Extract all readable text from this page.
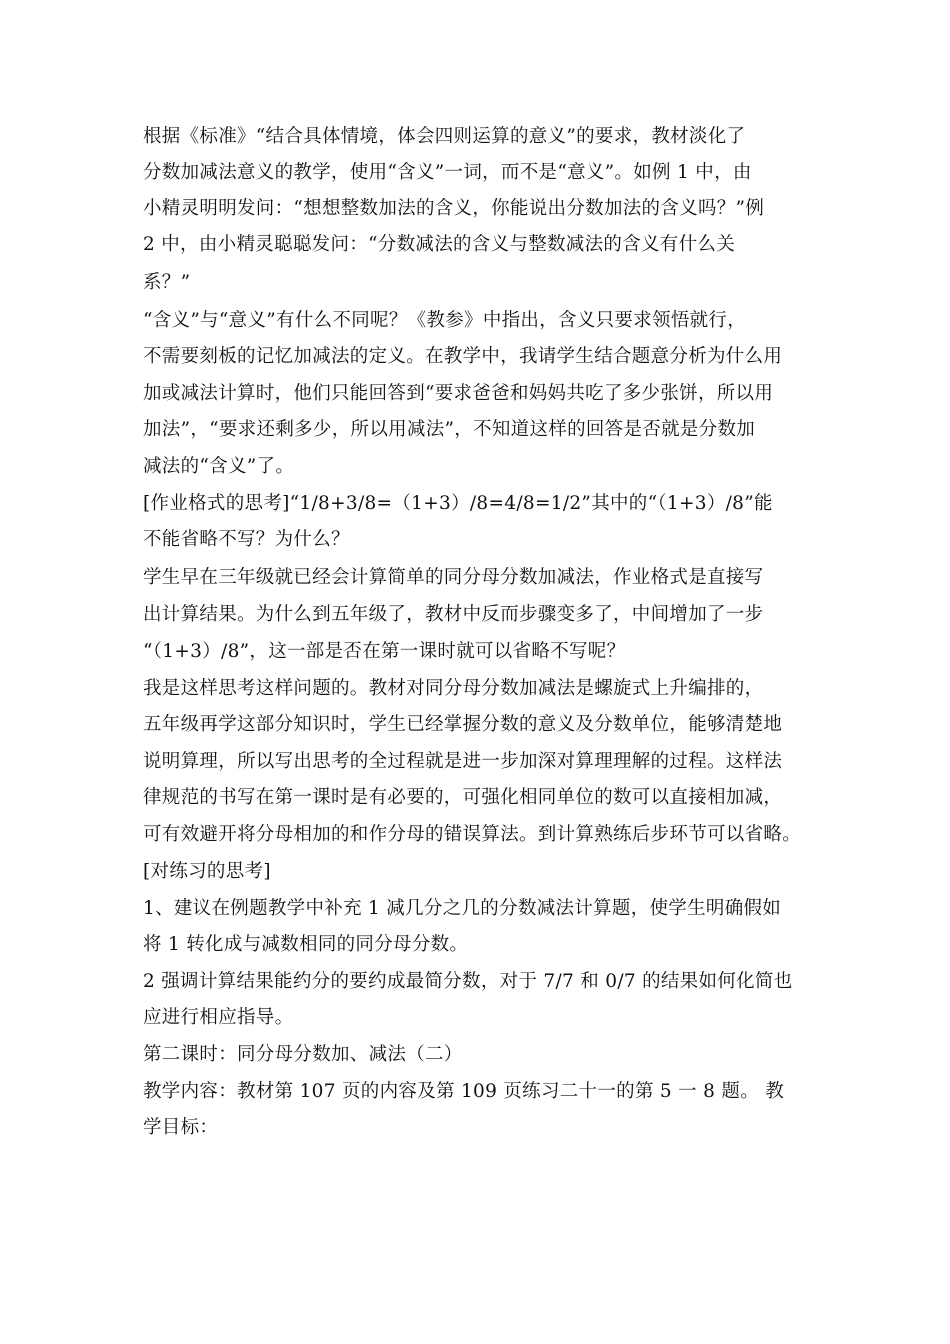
根据《标准》“结合具体情境，体会四则运算的意义”的要求，教材淡化了
分数加减法意义的教学，使用“含义”一词，而不是“意义”。如例 1 中，由
小精灵明明发问：“想想整数加法的含义，你能说出分数加法的含义吗？”例
2 中，由小精灵聪聪发问：“分数减法的含义与整数减法的含义有什么关
系？”
“含义”与“意义”有什么不同呢？《教参》中指出，含义只要求领悟就行，
不需要刻板的记忆加减法的定义。在教学中，我请学生结合题意分析为什么用
加或减法计算时，他们只能回答到“要求爸爸和妈妈共吃了多少张饼，所以用
加法”，“要求还剩多少，所以用减法”，不知道这样的回答是否就是分数加
减法的“含义”了。
[作业格式的思考]“1/8+3/8=（1+3）/8=4/8=1/2”其中的“（1+3）/8”能
不能省略不写？为什么？
学生早在三年级就已经会计算简单的同分母分数加减法，作业格式是直接写
出计算结果。为什么到五年级了，教材中反而步骤变多了，中间增加了一步
“（1+3）/8”，这一部是否在第一课时就可以省略不写呢？
我是这样思考这样问题的。教材对同分母分数加减法是螺旋式上升编排的，
五年级再学这部分知识时，学生已经掌握分数的意义及分数单位，能够清楚地
说明算理，所以写出思考的全过程就是进一步加深对算理理解的过程。这样法
律规范的书写在第一课时是有必要的，可强化相同单位的数可以直接相加减，
可有效避开将分母相加的和作分母的错误算法。到计算熟练后步环节可以省略。
[对练习的思考]
1、建议在例题教学中补充 1 减几分之几的分数减法计算题，使学生明确假如
将 1 转化成与减数相同的同分母分数。
2 强调计算结果能约分的要约成最简分数，对于 7/7 和 0/7 的结果如何化简也
应进行相应指导。
第二课时：同分母分数加、减法（二）
教学内容：教材第 107 页的内容及第 109 页练习二十一的第 5 一 8 题。 教
学目标：
